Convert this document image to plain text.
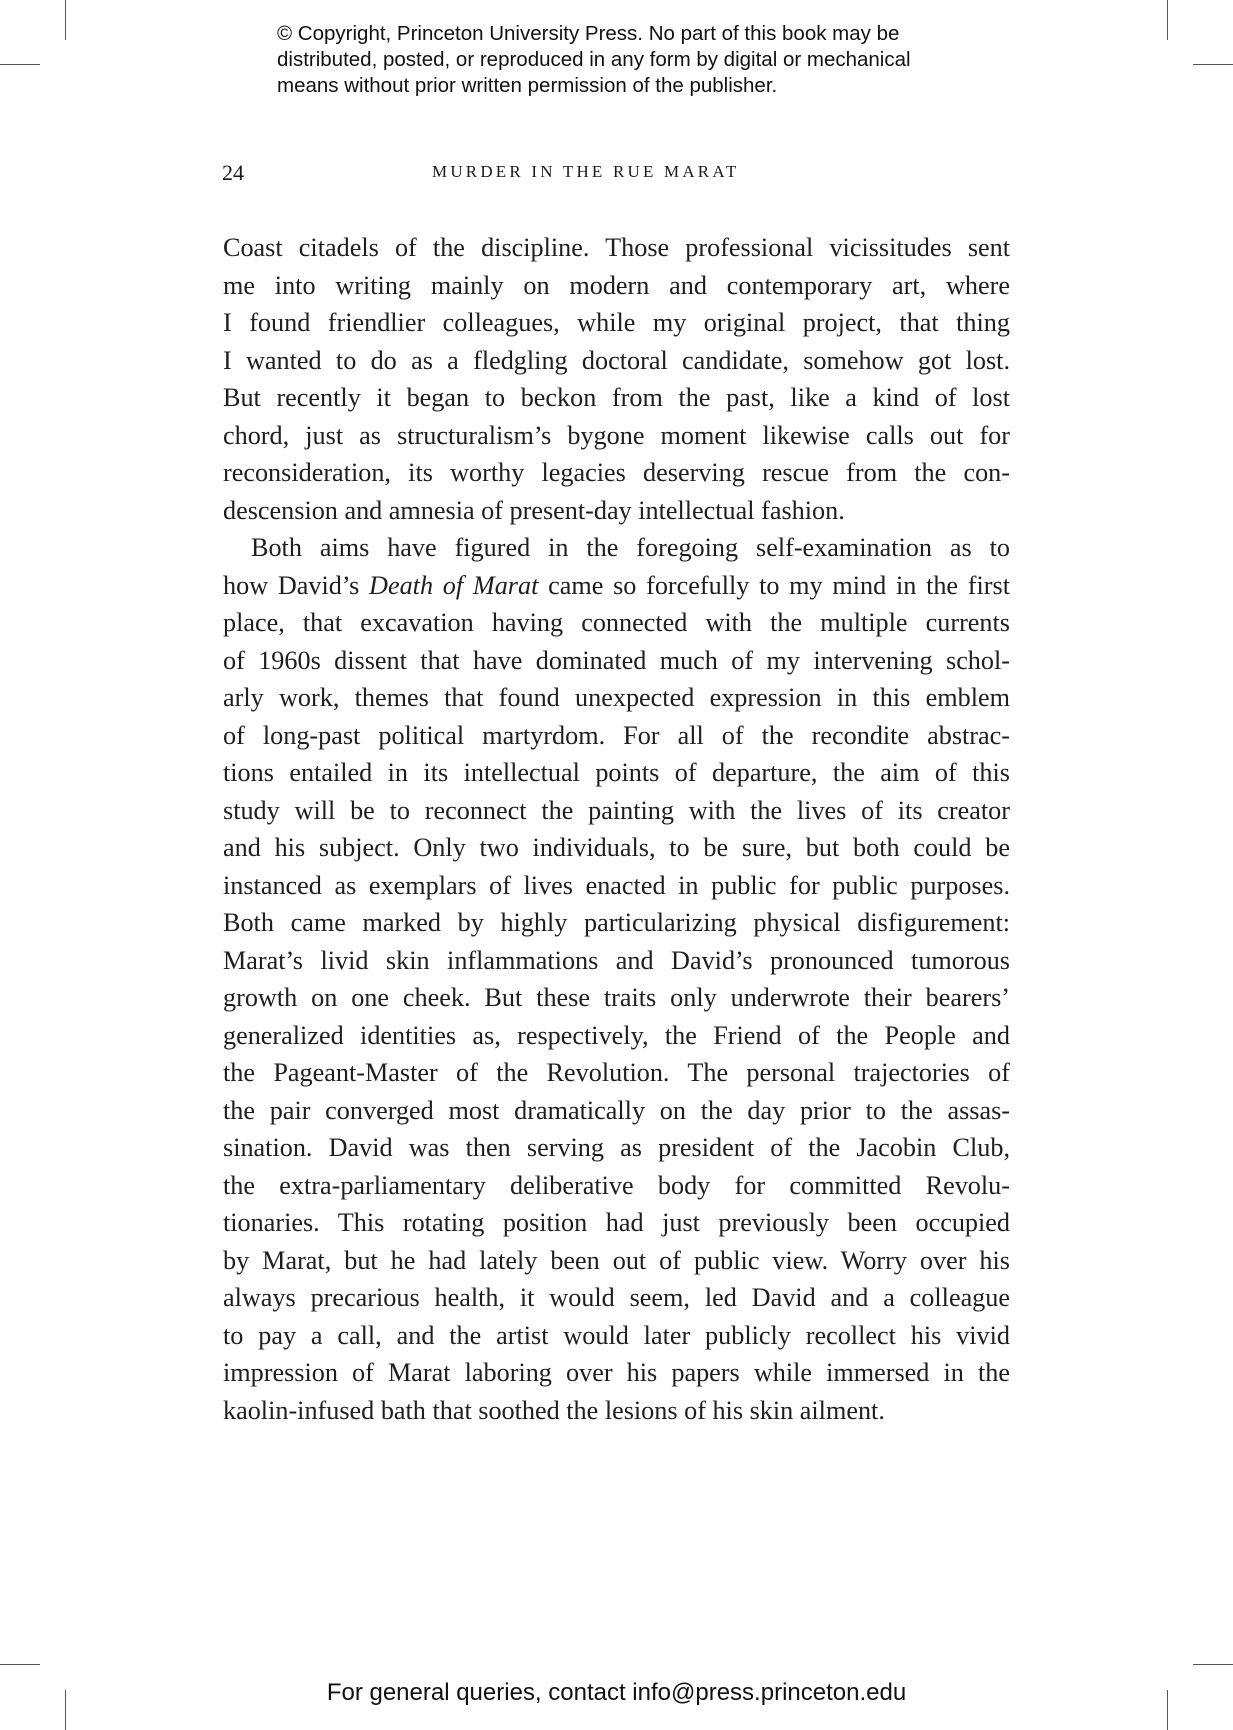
© Copyright, Princeton University Press. No part of this book may be
distributed, posted, or reproduced in any form by digital or mechanical
means without prior written permission of the publisher.
24	MURDER IN THE RUE MARAT
Coast citadels of the discipline. Those professional vicissitudes sent
me into writing mainly on modern and contemporary art, where
I found friendlier colleagues, while my original project, that thing
I wanted to do as a fledgling doctoral candidate, somehow got lost.
But recently it began to beckon from the past, like a kind of lost
chord, just as structuralism’s bygone moment likewise calls out for
reconsideration, its worthy legacies deserving rescue from the con-
descension and amnesia of present-day intellectual fashion.
Both aims have figured in the foregoing self-examination as to
how David’s Death of Marat came so forcefully to my mind in the first
place, that excavation having connected with the multiple currents
of 1960s dissent that have dominated much of my intervening schol-
arly work, themes that found unexpected expression in this emblem
of long-past political martyrdom. For all of the recondite abstrac-
tions entailed in its intellectual points of departure, the aim of this
study will be to reconnect the painting with the lives of its creator
and his subject. Only two individuals, to be sure, but both could be
instanced as exemplars of lives enacted in public for public purposes.
Both came marked by highly particularizing physical disfigurement:
Marat’s livid skin inflammations and David’s pronounced tumorous
growth on one cheek. But these traits only underwrote their bearers’
generalized identities as, respectively, the Friend of the People and
the Pageant-Master of the Revolution. The personal trajectories of
the pair converged most dramatically on the day prior to the assas-
sination. David was then serving as president of the Jacobin Club,
the extra-parliamentary deliberative body for committed Revolu-
tionaries. This rotating position had just previously been occupied
by Marat, but he had lately been out of public view. Worry over his
always precarious health, it would seem, led David and a colleague
to pay a call, and the artist would later publicly recollect his vivid
impression of Marat laboring over his papers while immersed in the
kaolin-infused bath that soothed the lesions of his skin ailment.
For general queries, contact info@press.princeton.edu
